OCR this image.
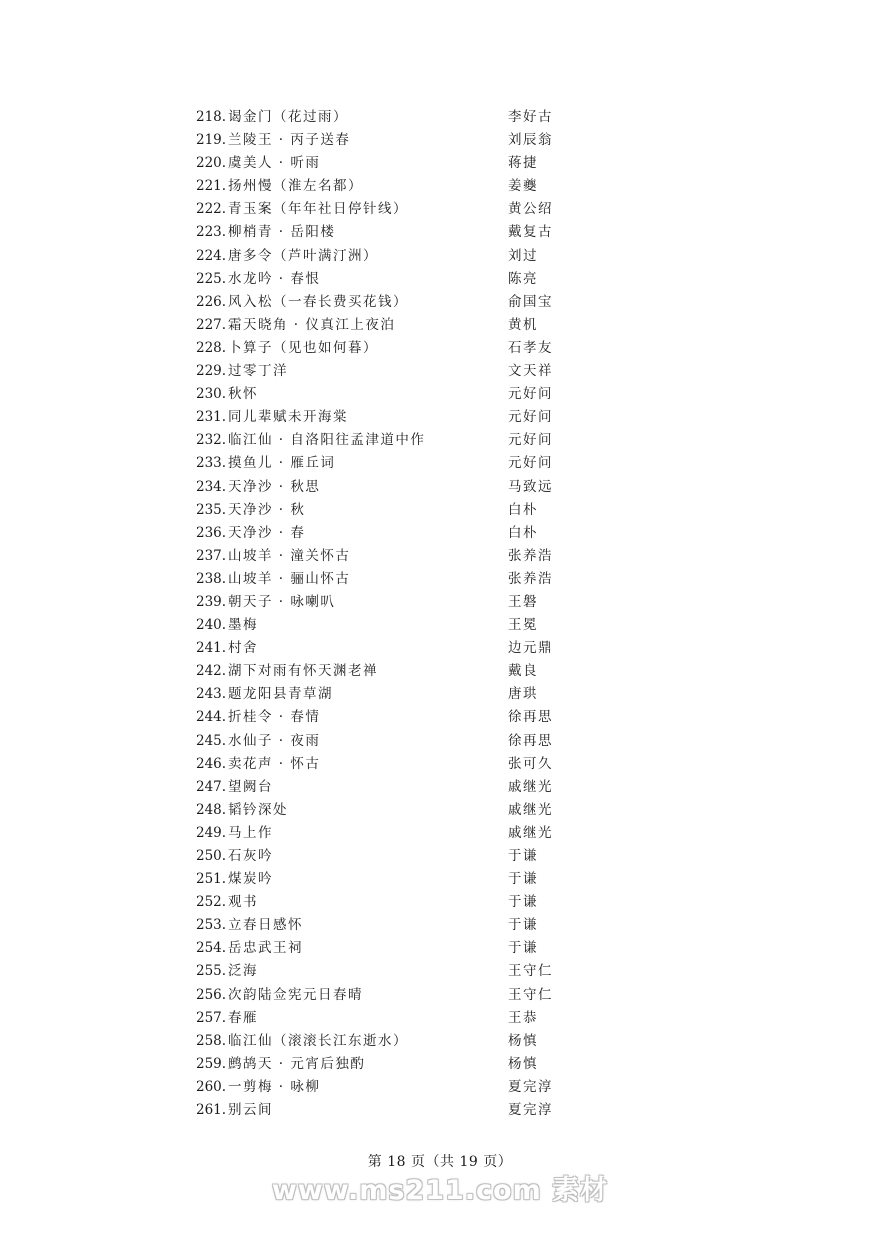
218. 谒金门（花过雨）	李好古
219. 兰陵王 · 丙子送春	刘辰翁
220. 虞美人 · 听雨	蒋捷
221. 扬州慢（淮左名都）	姜夔
222. 青玉案（年年社日停针线）	黄公绍
223. 柳梢青 · 岳阳楼	戴复古
224. 唐多令（芦叶满汀洲）	刘过
225. 水龙吟 · 春恨	陈亮
226. 风入松（一春长费买花钱）	俞国宝
227. 霜天晓角 · 仪真江上夜泊	黄机
228. 卜算子（见也如何暮）	石孝友
229. 过零丁洋	文天祥
230. 秋怀	元好问
231. 同儿辈赋未开海棠	元好问
232. 临江仙 · 自洛阳往孟津道中作	元好问
233. 摸鱼儿 · 雁丘词	元好问
234. 天净沙 · 秋思	马致远
235. 天净沙 · 秋	白朴
236. 天净沙 · 春	白朴
237. 山坡羊 · 潼关怀古	张养浩
238. 山坡羊 · 骊山怀古	张养浩
239. 朝天子 · 咏喇叭	王磐
240. 墨梅	王冕
241. 村舍	边元鼎
242. 湖下对雨有怀天渊老禅	戴良
243. 题龙阳县青草湖	唐珙
244. 折桂令 · 春情	徐再思
245. 水仙子 · 夜雨	徐再思
246. 卖花声 · 怀古	张可久
247. 望阙台	戚继光
248. 韬钤深处	戚继光
249. 马上作	戚继光
250. 石灰吟	于谦
251. 煤炭吟	于谦
252. 观书	于谦
253. 立春日感怀	于谦
254. 岳忠武王祠	于谦
255. 泛海	王守仁
256. 次韵陆佥宪元日春晴	王守仁
257. 春雁	王恭
258. 临江仙（滚滚长江东逝水）	杨慎
259. 鹧鸪天 · 元宵后独酌	杨慎
260. 一剪梅 · 咏柳	夏完淳
261. 别云间	夏完淳
第 18 页（共 19 页）
www.ms211.com 素材
